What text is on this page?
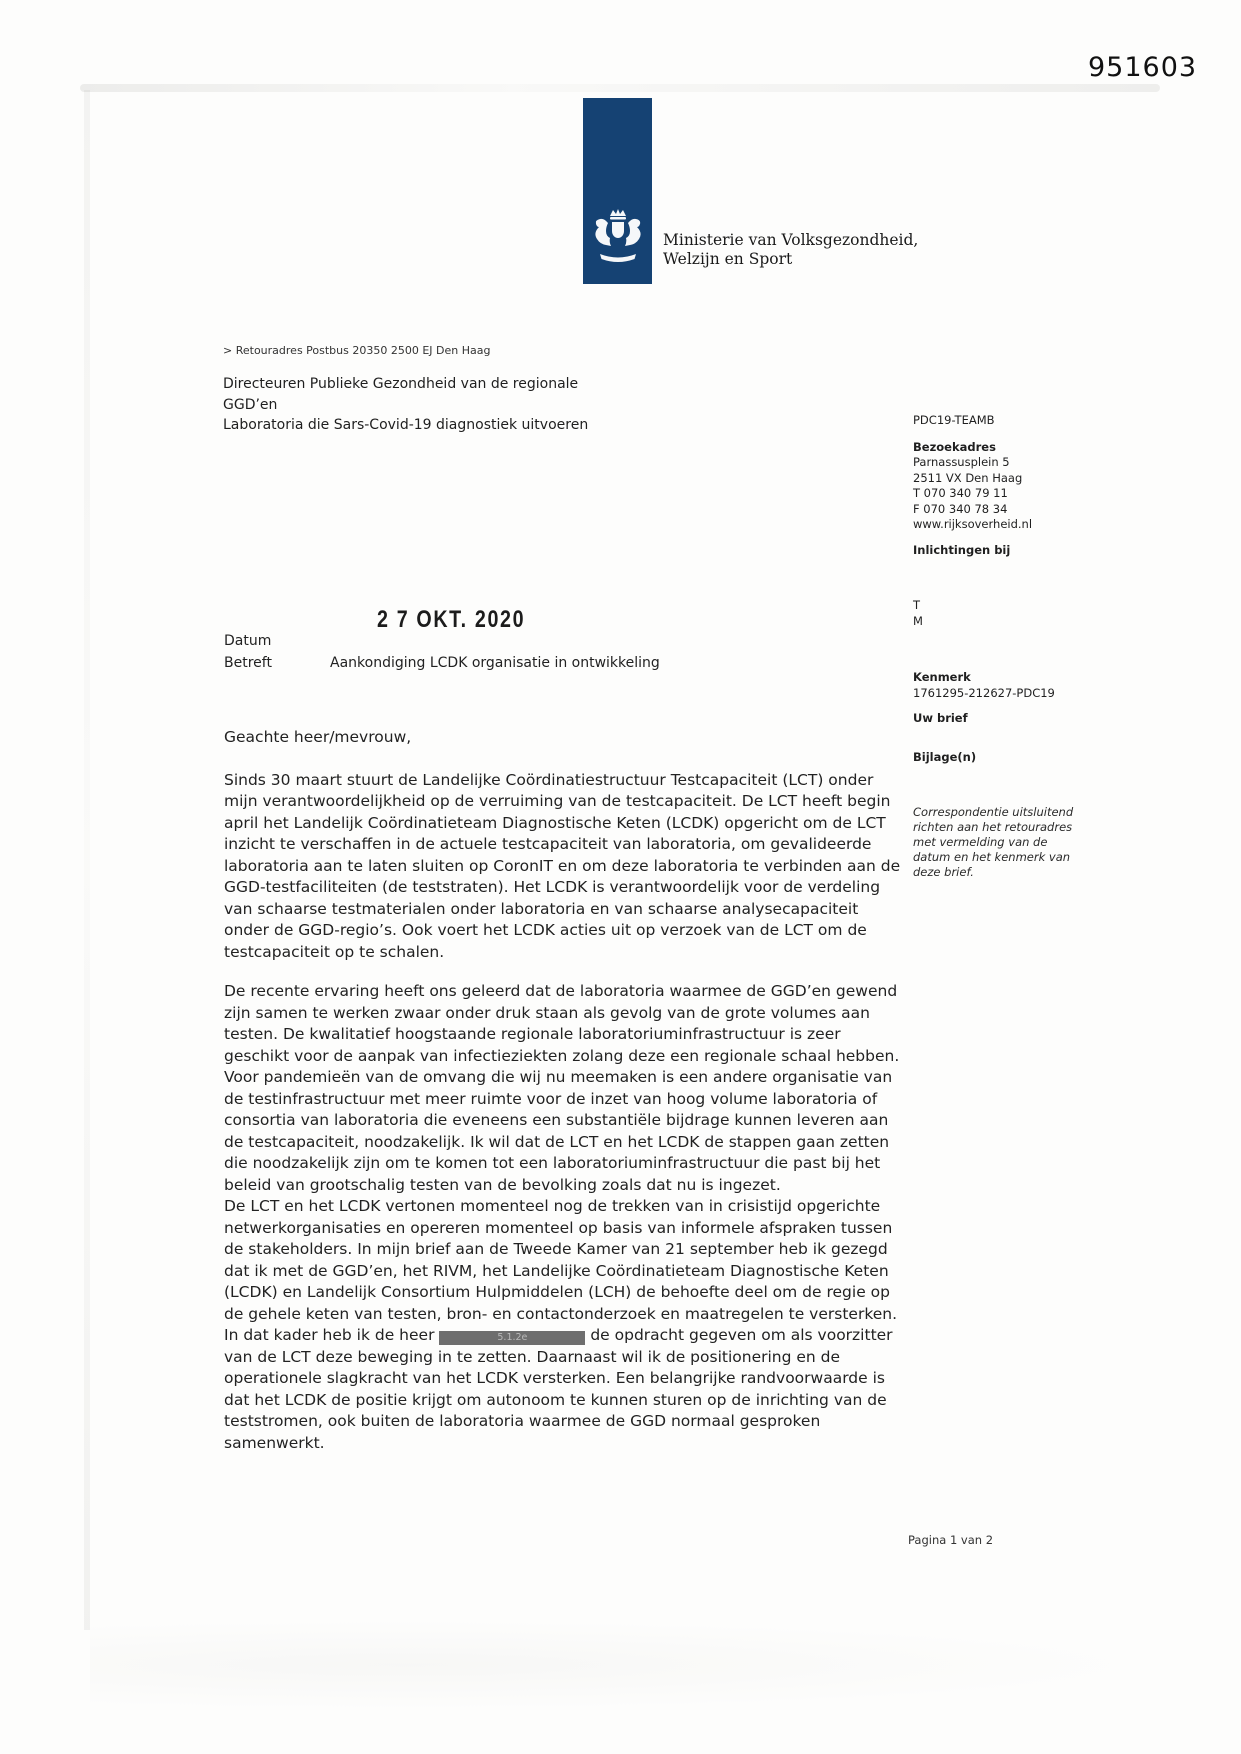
951603
Ministerie van Volksgezondheid,
Welzijn en Sport
> Retouradres Postbus 20350 2500 EJ Den Haag
Directeuren Publieke Gezondheid van de regionale
GGD’en
Laboratoria die Sars-Covid-19 diagnostiek uitvoeren	PDC19-TEAMB
Bezoekadres
Parnassusplein 5
2511 VX Den Haag
T 070 340 79 11
F 070 340 78 34
www.rijksoverheid.nl
Inlichtingen bij
T
M
Kenmerk
1761295-212627-PDC19
Uw brief
Bijlage(n)
Correspondentie uitsluitend richten aan het retouradres met vermelding van de datum en het kenmerk van deze brief.
2 7 OKT. 2020
Datum
Betreft	Aankondiging LCDK organisatie in ontwikkeling

Geachte heer/mevrouw,

Sinds 30 maart stuurt de Landelijke Coördinatiestructuur Testcapaciteit (LCT) onder mijn verantwoordelijkheid op de verruiming van de testcapaciteit. De LCT heeft begin april het Landelijk Coördinatieteam Diagnostische Keten (LCDK) opgericht om de LCT inzicht te verschaffen in de actuele testcapaciteit van laboratoria, om gevalideerde laboratoria aan te laten sluiten op CoronIT en om deze laboratoria te verbinden aan de GGD-testfaciliteiten (de teststraten). Het LCDK is verantwoordelijk voor de verdeling van schaarse testmaterialen onder laboratoria en van schaarse analysecapaciteit onder de GGD-regio’s. Ook voert het LCDK acties uit op verzoek van de LCT om de testcapaciteit op te schalen.

De recente ervaring heeft ons geleerd dat de laboratoria waarmee de GGD’en gewend zijn samen te werken zwaar onder druk staan als gevolg van de grote volumes aan testen. De kwalitatief hoogstaande regionale laboratoriuminfrastructuur is zeer geschikt voor de aanpak van infectieziekten zolang deze een regionale schaal hebben. Voor pandemieën van de omvang die wij nu meemaken is een andere organisatie van de testinfrastructuur met meer ruimte voor de inzet van hoog volume laboratoria of consortia van laboratoria die eveneens een substantiële bijdrage kunnen leveren aan de testcapaciteit, noodzakelijk. Ik wil dat de LCT en het LCDK de stappen gaan zetten die noodzakelijk zijn om te komen tot een laboratoriuminfrastructuur die past bij het beleid van grootschalig testen van de bevolking zoals dat nu is ingezet.

De LCT en het LCDK vertonen momenteel nog de trekken van in crisistijd opgerichte netwerkorganisaties en opereren momenteel op basis van informele afspraken tussen de stakeholders. In mijn brief aan de Tweede Kamer van 21 september heb ik gezegd dat ik met de GGD’en, het RIVM, het Landelijke Coördinatieteam Diagnostische Keten (LCDK) en Landelijk Consortium Hulpmiddelen (LCH) de behoefte deel om de regie op de gehele keten van testen, bron- en contactonderzoek en maatregelen te versterken. In dat kader heb ik de heer	5.1.2e	de opdracht gegeven om als voorzitter van de LCT deze beweging in te zetten. Daarnaast wil ik de positionering en de operationele slagkracht van het LCDK versterken. Een belangrijke randvoorwaarde is dat het LCDK de positie krijgt om autonoom te kunnen sturen op de inrichting van de teststromen, ook buiten de laboratoria waarmee de GGD normaal gesproken samenwerkt.

Pagina 1 van 2
